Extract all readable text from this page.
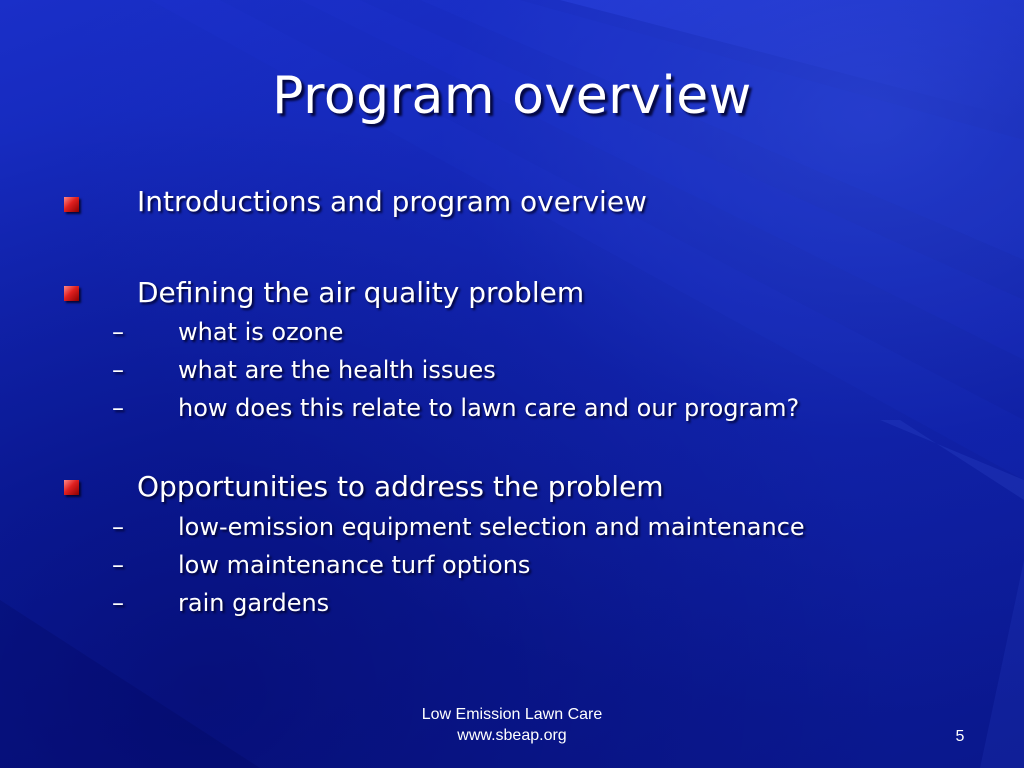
Program overview
Introductions and program overview
Defining the air quality problem
– what is ozone
– what are the health issues
– how does this relate to lawn care and our program?
Opportunities to address the problem
– low-emission equipment selection and maintenance
– low maintenance turf options
– rain gardens
Low Emission Lawn Care
www.sbeap.org	5
